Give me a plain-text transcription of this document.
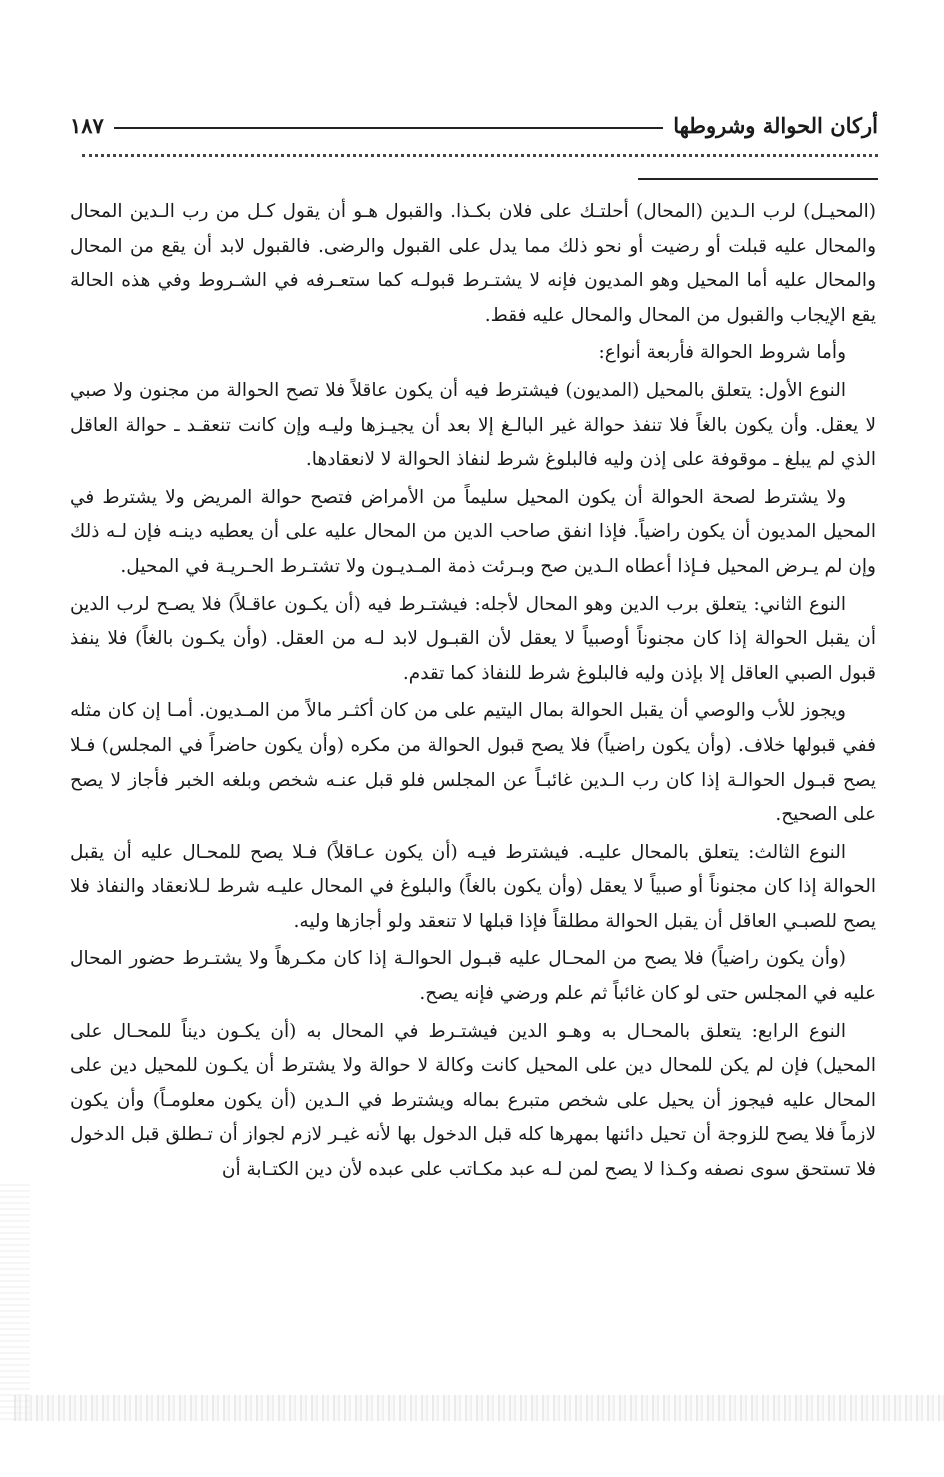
أركان الحوالة وشروطها
١٨٧

(المحيـل) لرب الـدين (المحال) أحلتـك على فلان بكـذا. والقبول هـو أن يقول كـل من رب الـدين المحال والمحال عليه قبلت أو رضيت أو نحو ذلك مما يدل على القبول والرضى. فالقبول لابد أن يقع من المحال والمحال عليه أما المحيل وهو المديون فإنه لا يشتـرط قبولـه كما ستعـرفه في الشـروط وفي هذه الحالة يقع الإيجاب والقبول من المحال والمحال عليه فقط.

وأما شروط الحوالة فأربعة أنواع:

النوع الأول: يتعلق بالمحيل (المديون) فيشترط فيه أن يكون عاقلاً فلا تصح الحوالة من مجنون ولا صبي لا يعقل. وأن يكون بالغاً فلا تنفذ حوالة غير البالـغ إلا بعد أن يجيـزها وليـه وإن كانت تنعقـد ـ حوالة العاقل الذي لم يبلغ ـ موقوفة على إذن وليه فالبلوغ شرط لنفاذ الحوالة لا لانعقادها.

ولا يشترط لصحة الحوالة أن يكون المحيل سليماً من الأمراض فتصح حوالة المريض ولا يشترط في المحيل المديون أن يكون راضياً. فإذا انفق صاحب الدين من المحال عليه على أن يعطيه دينـه فإن لـه ذلك وإن لم يـرض المحيل فـإذا أعطاه الـدين صح وبـرئت ذمة المـديـون ولا تشتـرط الحـريـة في المحيل.

النوع الثاني: يتعلق برب الدين وهو المحال لأجله: فيشتـرط فيه (أن يكـون عاقـلاً) فلا يصـح لرب الدين أن يقبل الحوالة إذا كان مجنوناً أوصبياً لا يعقل لأن القبـول لابد لـه من العقل. (وأن يكـون بالغاً) فلا ينفذ قبول الصبي العاقل إلا بإذن وليه فالبلوغ شرط للنفاذ كما تقدم.

ويجوز للأب والوصي أن يقبل الحوالة بمال اليتيم على من كان أكثـر مالاً من المـديون. أمـا إن كان مثله ففي قبولها خلاف. (وأن يكون راضياً) فلا يصح قبول الحوالة من مكره (وأن يكون حاضراً في المجلس) فـلا يصح قبـول الحوالـة إذا كان رب الـدين غائبـاً عن المجلس فلو قبل عنـه شخص وبلغه الخبر فأجاز لا يصح على الصحيح.

النوع الثالث: يتعلق بالمحال عليـه. فيشترط فيـه (أن يكون عـاقلاً) فـلا يصح للمحـال عليه أن يقبل الحوالة إذا كان مجنوناً أو صبياً لا يعقل (وأن يكون بالغاً) والبلوغ في المحال عليـه شرط لـلانعقاد والنفاذ فلا يصح للصبـي العاقل أن يقبل الحوالة مطلقاً فإذا قبلها لا تنعقد ولو أجازها وليه.

(وأن يكون راضياً) فلا يصح من المحـال عليه قبـول الحوالـة إذا كان مكـرهاً ولا يشتـرط حضور المحال عليه في المجلس حتى لو كان غائباً ثم علم ورضي فإنه يصح.

النوع الرابع: يتعلق بالمحـال به وهـو الدين فيشتـرط في المحال به (أن يكـون ديناً للمحـال على المحيل) فإن لم يكن للمحال دين على المحيل كانت وكالة لا حوالة ولا يشترط أن يكـون للمحيل دين على المحال عليه فيجوز أن يحيل على شخص متبرع بماله ويشترط في الـدين (أن يكون معلومـاً) وأن يكون لازماً فلا يصح للزوجة أن تحيل دائنها بمهرها كله قبل الدخول بها لأنه غيـر لازم لجواز أن تـطلق قبل الدخول فلا تستحق سوى نصفه وكـذا لا يصح لمن لـه عبد مكـاتب على عبده لأن دين الكتـابة أن
